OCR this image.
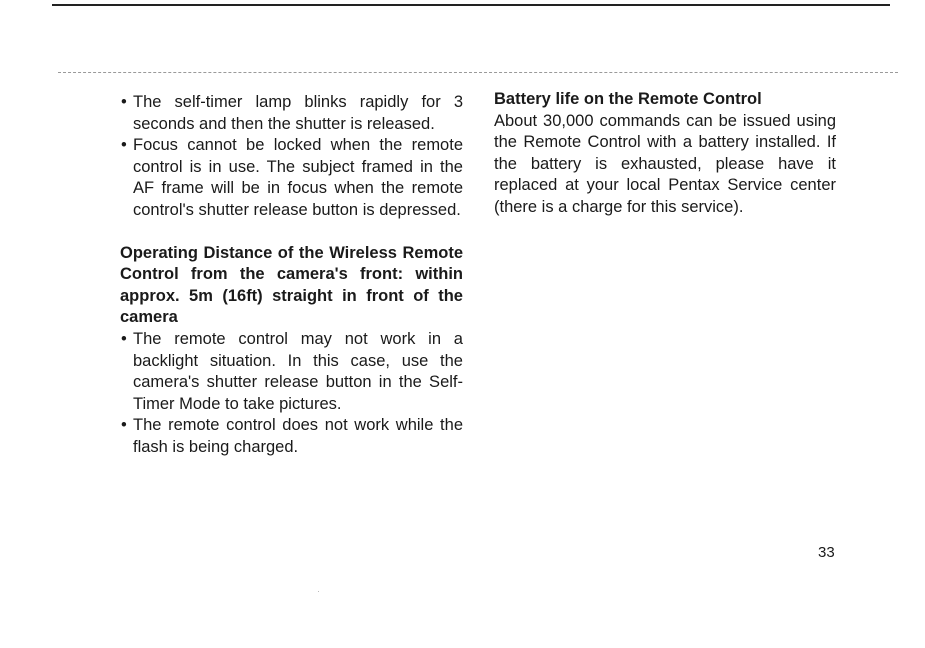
• The self-timer lamp blinks rapidly for 3 seconds and then the shutter is released.
• Focus cannot be locked when the remote control is in use. The subject framed in the AF frame will be in focus when the remote control's shutter release button is depressed.

Operating Distance of the Wireless Remote Control from the camera's front: within approx. 5m (16ft) straight in front of the camera

• The remote control may not work in a backlight situation. In this case, use the camera's shutter release button in the Self-Timer Mode to take pictures.
• The remote control does not work while the flash is being charged.

Battery life on the Remote Control

About 30,000 commands can be issued using the Remote Control with a battery installed. If the battery is exhausted, please have it replaced at your local Pentax Service center (there is a charge for this service).

33
